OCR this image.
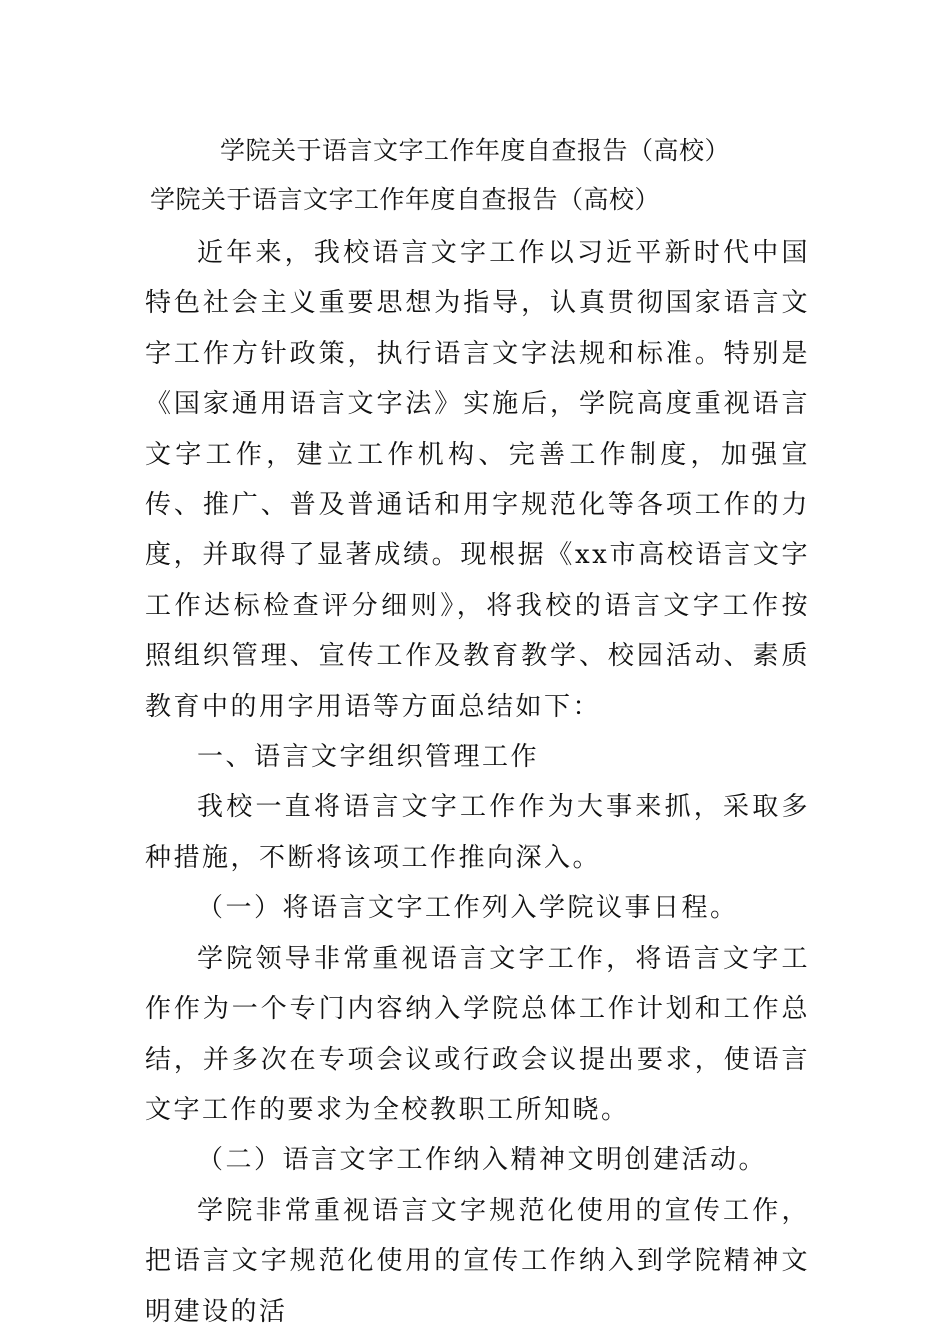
学院关于语言文字工作年度自查报告（高校）
学院关于语言文字工作年度自查报告（高校）

近年来，我校语言文字工作以习近平新时代中国特色社会主义重要思想为指导，认真贯彻国家语言文字工作方针政策，执行语言文字法规和标准。特别是《国家通用语言文字法》实施后，学院高度重视语言文字工作，建立工作机构、完善工作制度，加强宣传、推广、普及普通话和用字规范化等各项工作的力度，并取得了显著成绩。现根据《xx市高校语言文字工作达标检查评分细则》，将我校的语言文字工作按照组织管理、宣传工作及教育教学、校园活动、素质教育中的用字用语等方面总结如下：

一、语言文字组织管理工作

我校一直将语言文字工作作为大事来抓，采取多种措施，不断将该项工作推向深入。

（一）将语言文字工作列入学院议事日程。

学院领导非常重视语言文字工作，将语言文字工作作为一个专门内容纳入学院总体工作计划和工作总结，并多次在专项会议或行政会议提出要求，使语言文字工作的要求为全校教职工所知晓。

（二）语言文字工作纳入精神文明创建活动。

学院非常重视语言文字规范化使用的宣传工作，把语言文字规范化使用的宣传工作纳入到学院精神文明建设的活
